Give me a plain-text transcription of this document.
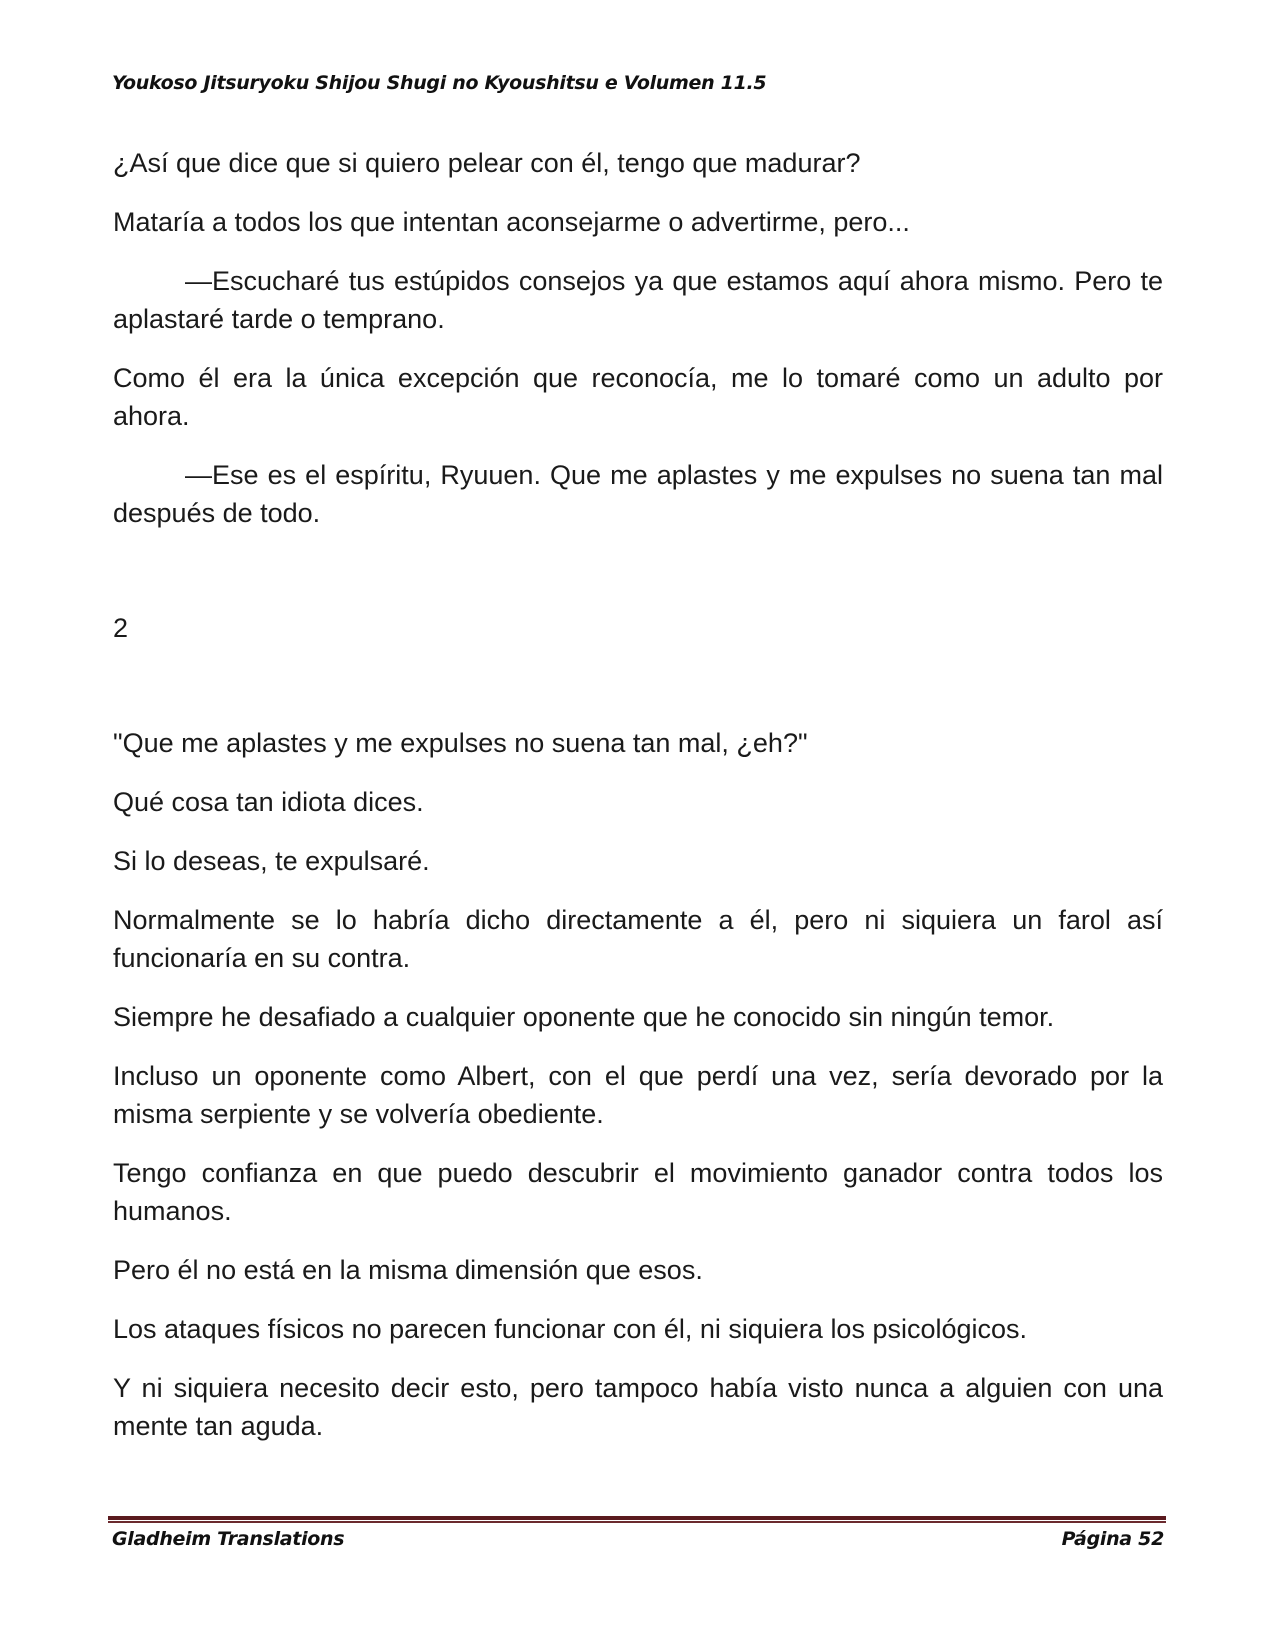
Youkoso Jitsuryoku Shijou Shugi no Kyoushitsu e Volumen 11.5

¿Así que dice que si quiero pelear con él, tengo que madurar?

Mataría a todos los que intentan aconsejarme o advertirme, pero...

—Escucharé tus estúpidos consejos ya que estamos aquí ahora mismo. Pero te aplastaré tarde o temprano.

Como él era la única excepción que reconocía, me lo tomaré como un adulto por ahora.

—Ese es el espíritu, Ryuuen. Que me aplastes y me expulses no suena tan mal después de todo.

2

"Que me aplastes y me expulses no suena tan mal, ¿eh?"

Qué cosa tan idiota dices.

Si lo deseas, te expulsaré.

Normalmente se lo habría dicho directamente a él, pero ni siquiera un farol así funcionaría en su contra.

Siempre he desafiado a cualquier oponente que he conocido sin ningún temor.

Incluso un oponente como Albert, con el que perdí una vez, sería devorado por la misma serpiente y se volvería obediente.

Tengo confianza en que puedo descubrir el movimiento ganador contra todos los humanos.

Pero él no está en la misma dimensión que esos.

Los ataques físicos no parecen funcionar con él, ni siquiera los psicológicos.

Y ni siquiera necesito decir esto, pero tampoco había visto nunca a alguien con una mente tan aguda.

Gladheim Translations	Página 52
